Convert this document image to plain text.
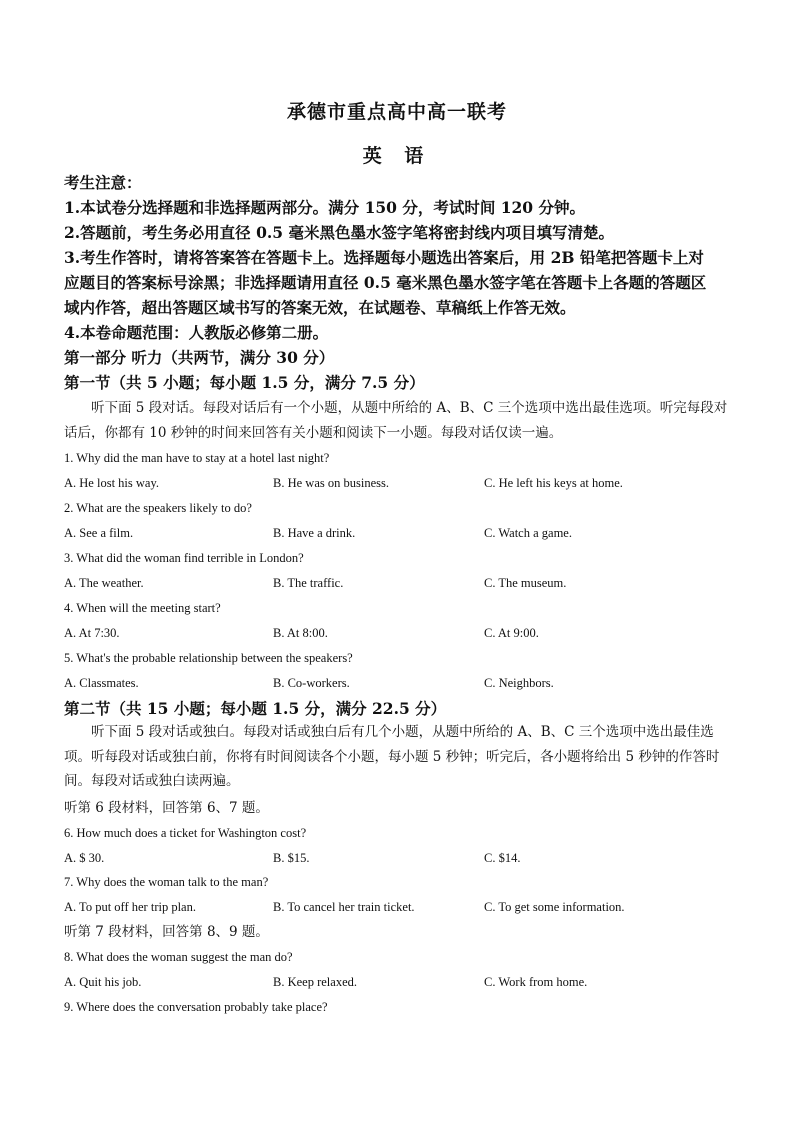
承德市重点高中高一联考
英 语
考生注意：
1.本试卷分选择题和非选择题两部分。满分 150 分，考试时间 120 分钟。
2.答题前，考生务必用直径 0.5 毫米黑色墨水签字笔将密封线内项目填写清楚。
3.考生作答时，请将答案答在答题卡上。选择题每小题选出答案后，用 2B 铅笔把答题卡上对
应题目的答案标号涂黑；非选择题请用直径 0.5 毫米黑色墨水签字笔在答题卡上各题的答题区
域内作答，超出答题区域书写的答案无效，在试题卷、草稿纸上作答无效。
4.本卷命题范围：人教版必修第二册。
第一部分 听力（共两节，满分 30 分）
第一节（共 5 小题；每小题 1.5 分，满分 7.5 分）
听下面 5 段对话。每段对话后有一个小题，从题中所给的 A、B、C 三个选项中选出最佳选项。听完每段对话后，你都有 10 秒钟的时间来回答有关小题和阅读下一小题。每段对话仅读一遍。
1. Why did the man have to stay at a hotel last night?
A. He lost his way.	B. He was on business.	C. He left his keys at home.
2. What are the speakers likely to do?
A. See a film.	B. Have a drink.	C. Watch a game.
3. What did the woman find terrible in London?
A. The weather.	B. The traffic.	C. The museum.
4. When will the meeting start?
A. At 7:30.	B. At 8:00.	C. At 9:00.
5. What's the probable relationship between the speakers?
A. Classmates.	B. Co-workers.	C. Neighbors.
第二节（共 15 小题；每小题 1.5 分，满分 22.5 分）
听下面 5 段对话或独白。每段对话或独白后有几个小题，从题中所给的 A、B、C 三个选项中选出最佳选项。听每段对话或独白前，你将有时间阅读各个小题，每小题 5 秒钟；听完后，各小题将给出 5 秒钟的作答时间。每段对话或独白读两遍。
听第 6 段材料，回答第 6、7 题。
6. How much does a ticket for Washington cost?
A. $ 30.	B. $15.	C. $14.
7. Why does the woman talk to the man?
A. To put off her trip plan.	B. To cancel her train ticket.	C. To get some information.
听第 7 段材料，回答第 8、9 题。
8. What does the woman suggest the man do?
A. Quit his job.	B. Keep relaxed.	C. Work from home.
9. Where does the conversation probably take place?
